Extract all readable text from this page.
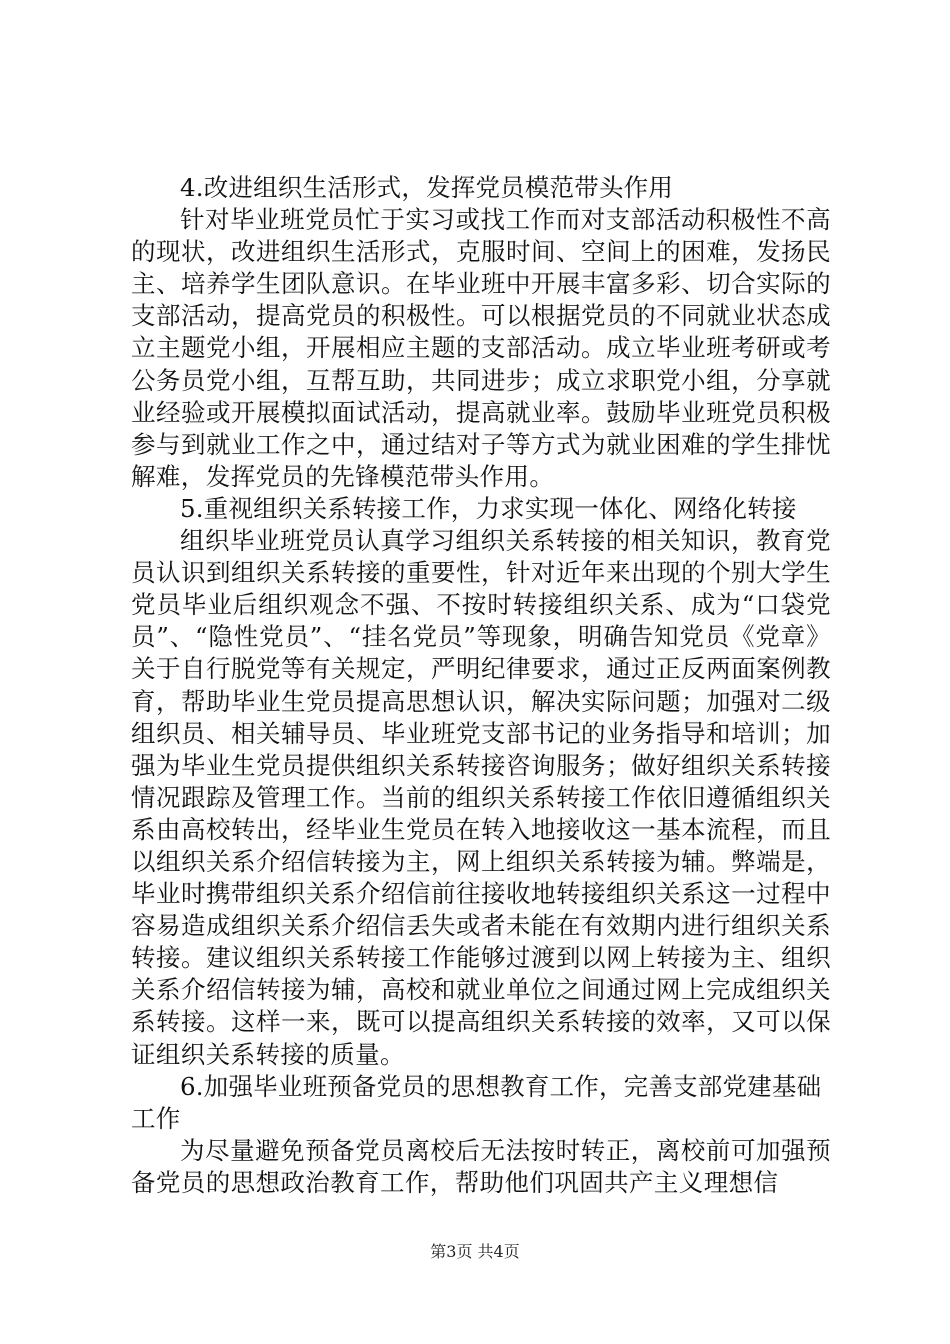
4.改进组织生活形式，发挥党员模范带头作用

针对毕业班党员忙于实习或找工作而对支部活动积极性不高的现状，改进组织生活形式，克服时间、空间上的困难，发扬民主、培养学生团队意识。在毕业班中开展丰富多彩、切合实际的支部活动，提高党员的积极性。可以根据党员的不同就业状态成立主题党小组，开展相应主题的支部活动。成立毕业班考研或考公务员党小组，互帮互助，共同进步；成立求职党小组，分享就业经验或开展模拟面试活动，提高就业率。鼓励毕业班党员积极参与到就业工作之中，通过结对子等方式为就业困难的学生排忧解难，发挥党员的先锋模范带头作用。

5.重视组织关系转接工作，力求实现一体化、网络化转接

组织毕业班党员认真学习组织关系转接的相关知识，教育党员认识到组织关系转接的重要性，针对近年来出现的个别大学生党员毕业后组织观念不强、不按时转接组织关系、成为“口袋党员”、“隐性党员”、“挂名党员”等现象，明确告知党员《党章》关于自行脱党等有关规定，严明纪律要求，通过正反两面案例教育，帮助毕业生党员提高思想认识，解决实际问题；加强对二级组织员、相关辅导员、毕业班党支部书记的业务指导和培训；加强为毕业生党员提供组织关系转接咨询服务；做好组织关系转接情况跟踪及管理工作。当前的组织关系转接工作依旧遵循组织关系由高校转出，经毕业生党员在转入地接收这一基本流程，而且以组织关系介绍信转接为主，网上组织关系转接为辅。弊端是，毕业时携带组织关系介绍信前往接收地转接组织关系这一过程中容易造成组织关系介绍信丢失或者未能在有效期内进行组织关系转接。建议组织关系转接工作能够过渡到以网上转接为主、组织关系介绍信转接为辅，高校和就业单位之间通过网上完成组织关系转接。这样一来，既可以提高组织关系转接的效率，又可以保证组织关系转接的质量。

6.加强毕业班预备党员的思想教育工作，完善支部党建基础工作

为尽量避免预备党员离校后无法按时转正，离校前可加强预备党员的思想政治教育工作，帮助他们巩固共产主义理想信

第3页 共4页
